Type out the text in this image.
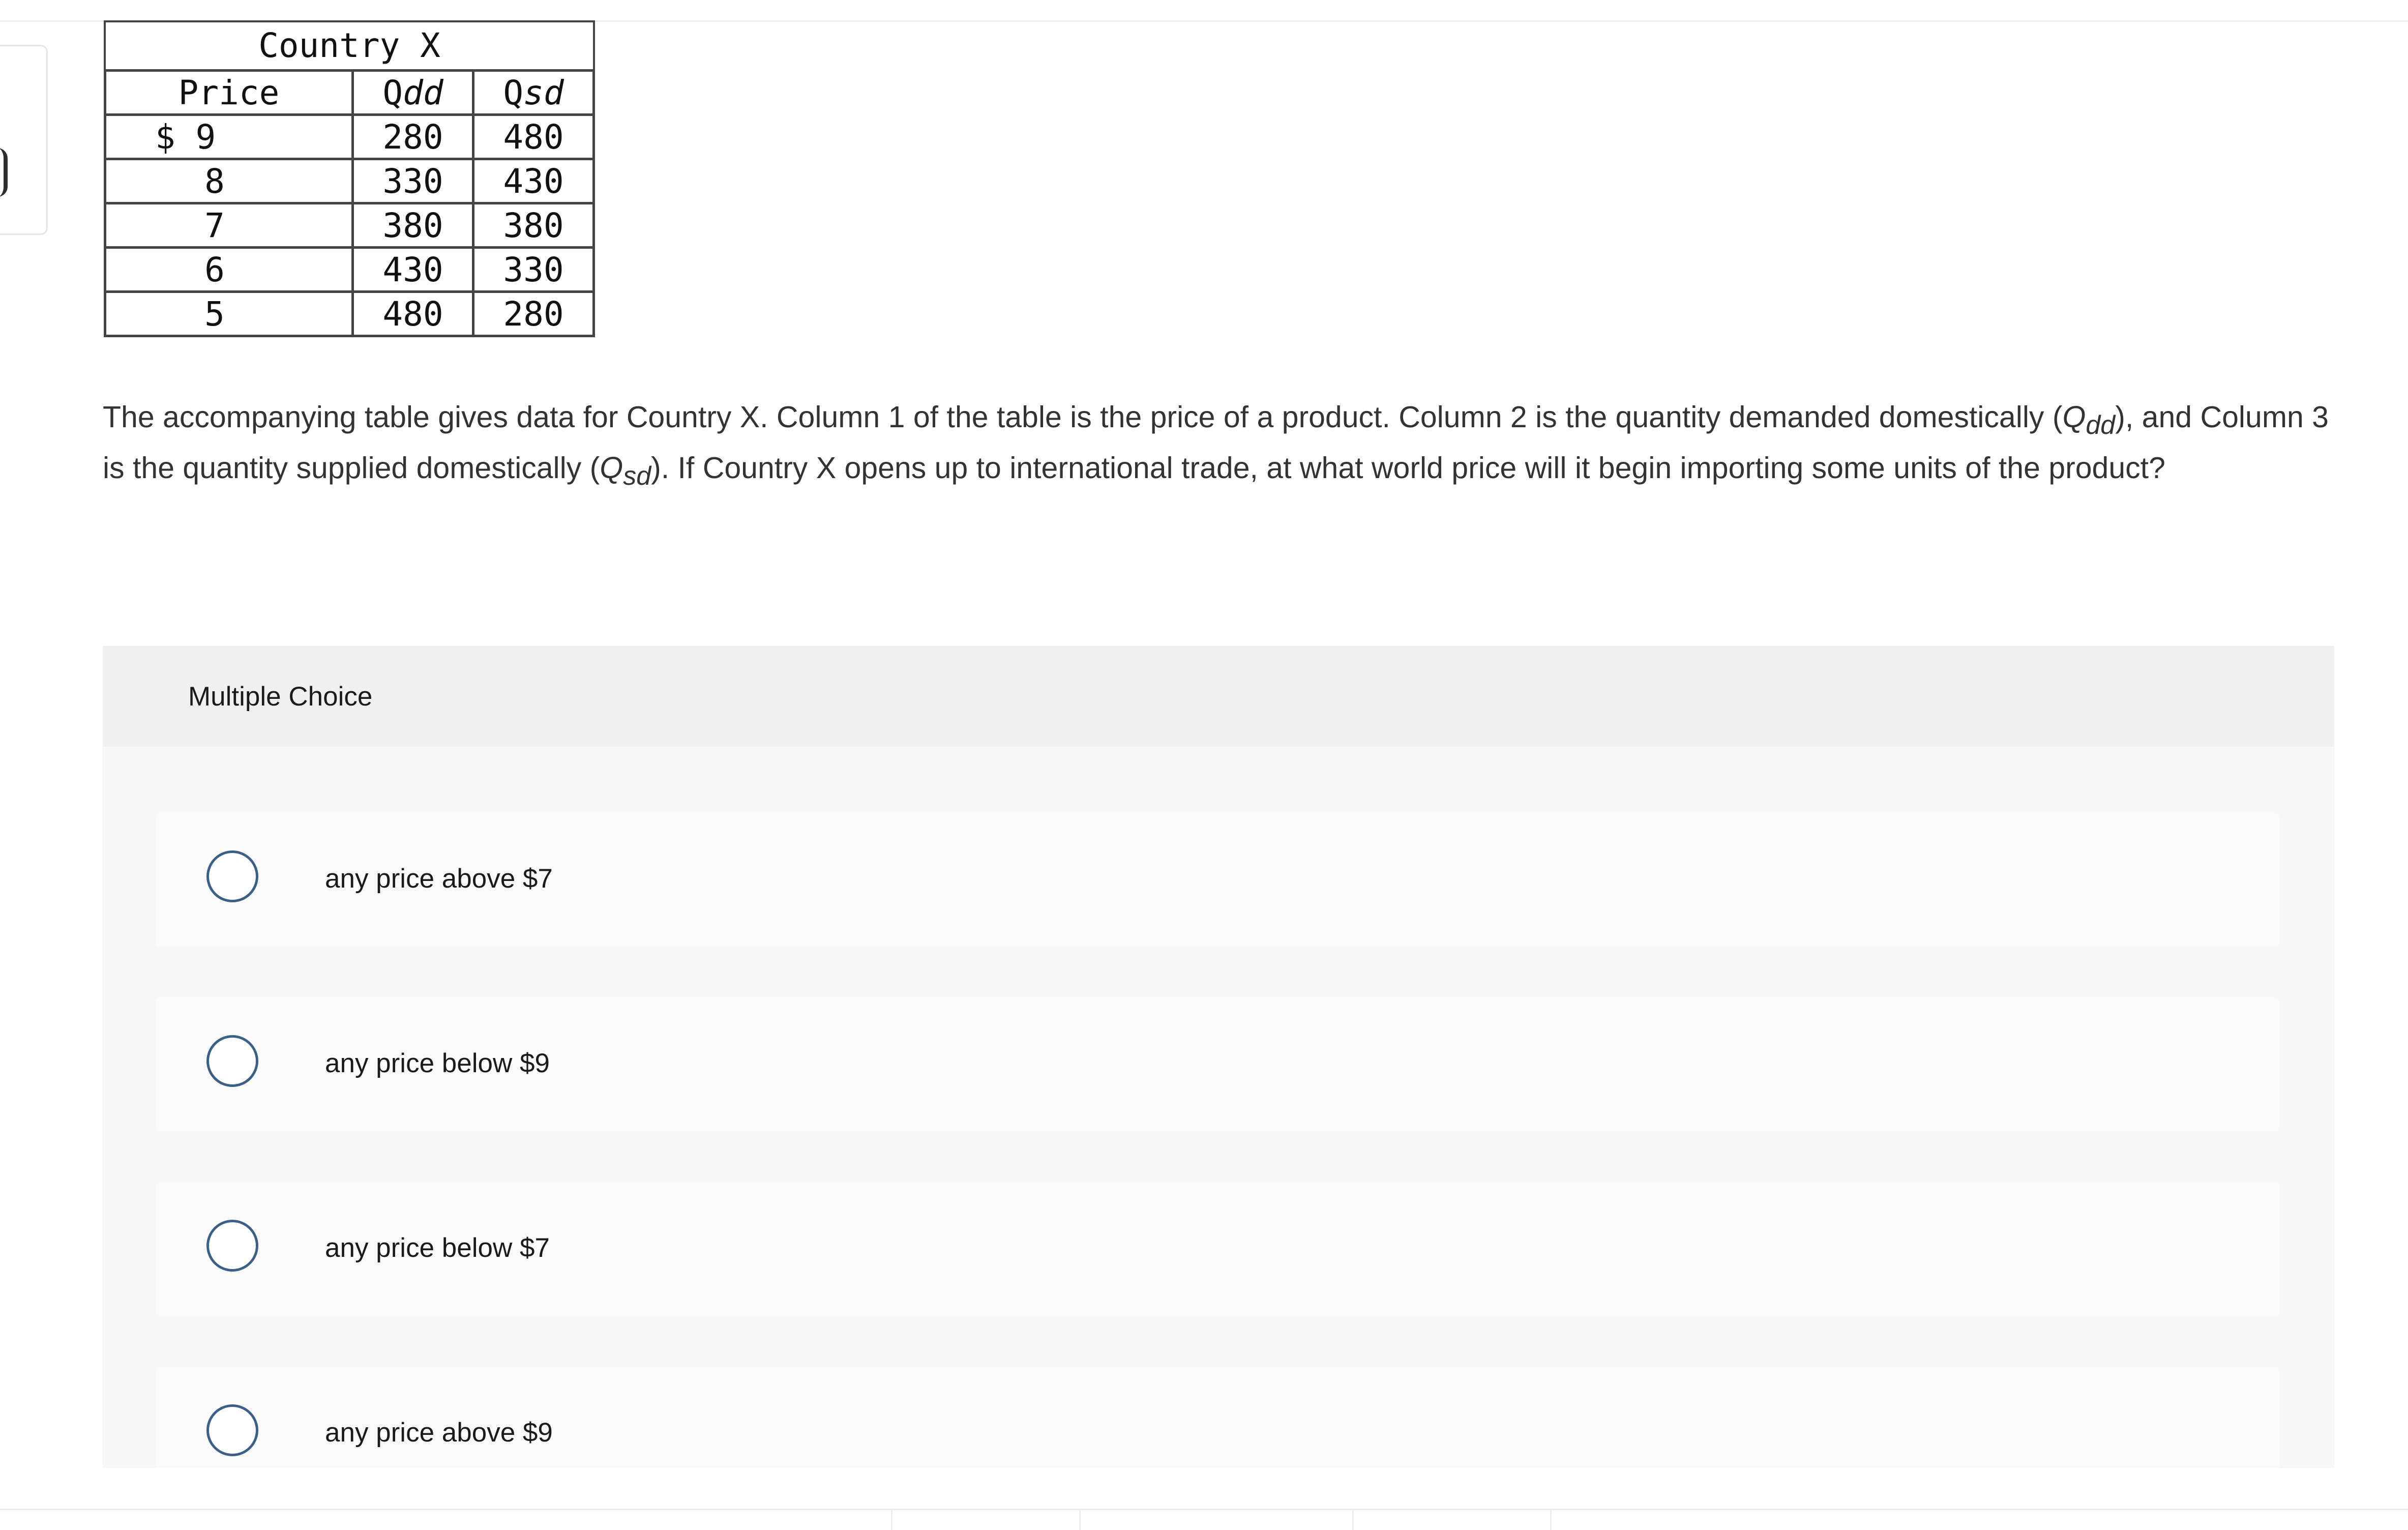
Country X
Price	Qdd	Qsd
$ 9	280	480
8	330	430
7	380	380
6	430	330
5	480	280
The accompanying table gives data for Country X. Column 1 of the table is the price of a product. Column 2 is the quantity demanded domestically $(Q_{dd})$, and Column 3 is the quantity supplied domestically $(Q_{sd})$. If Country X opens up to international trade, at what world price will it begin importing some units of the product?
Multiple Choice
any price above $7
any price below $9
any price below $7
any price above $9
